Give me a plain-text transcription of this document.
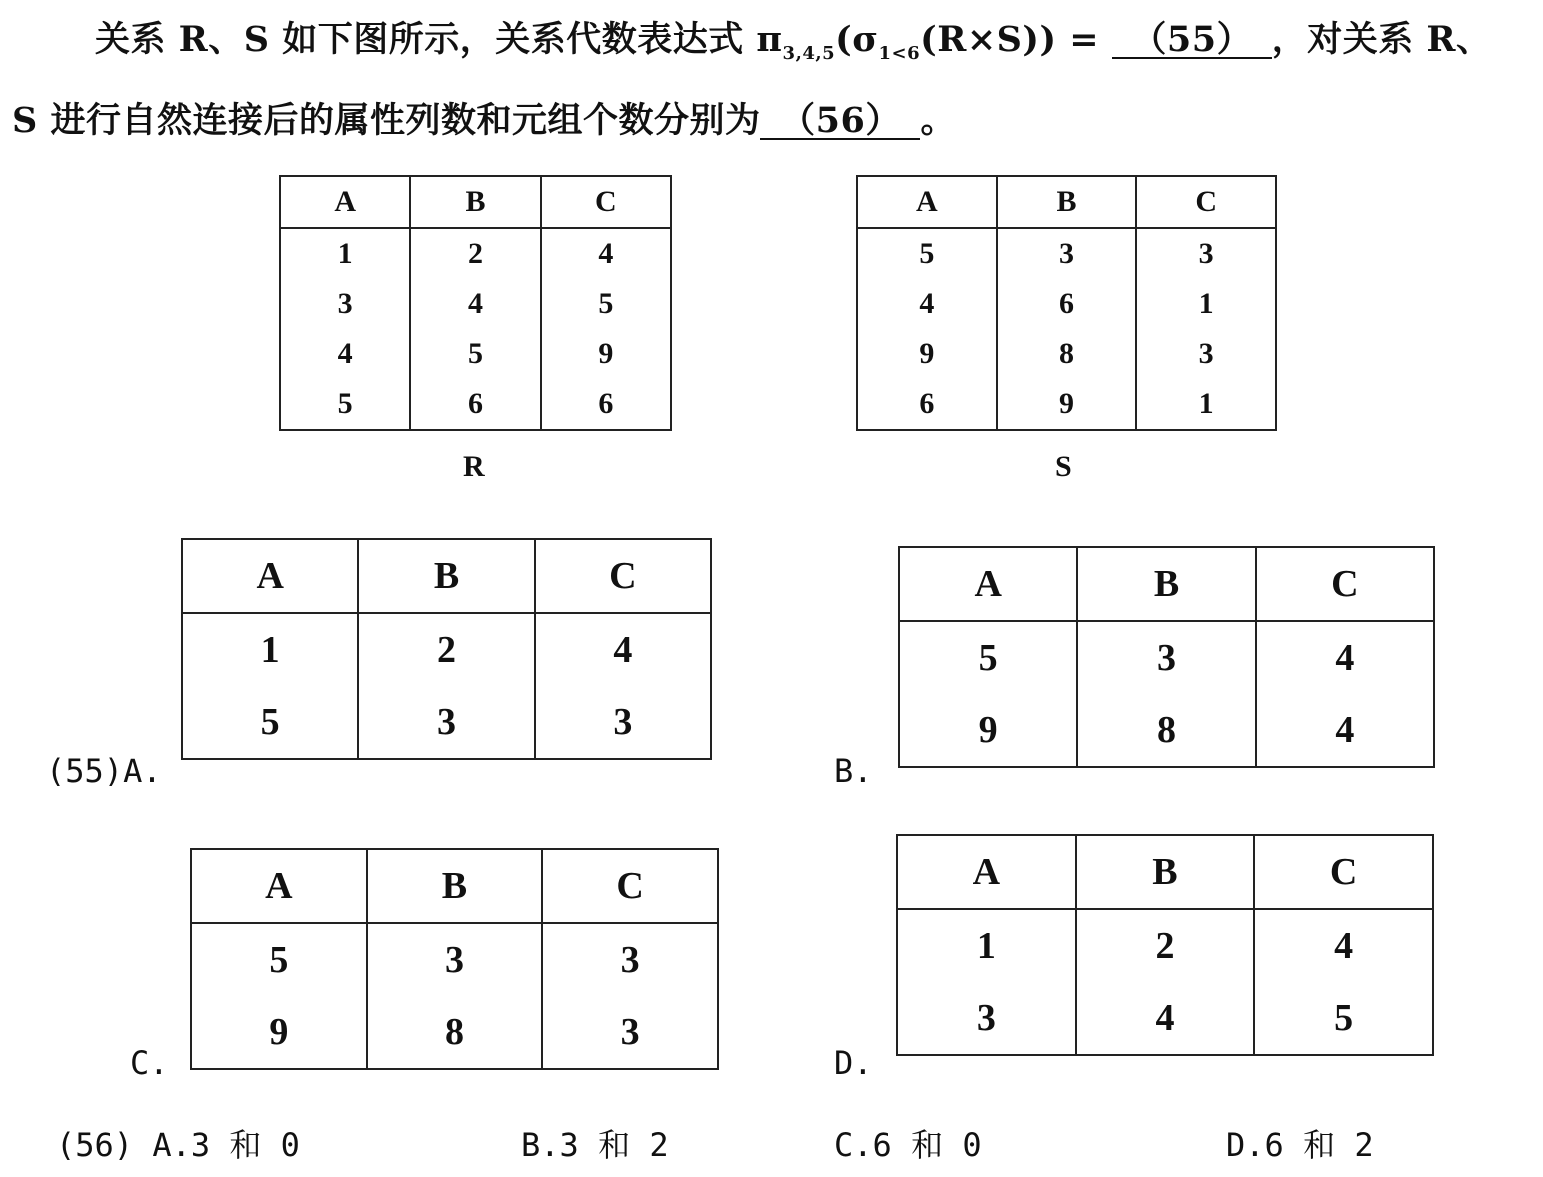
关系 R、S 如下图所示，关系代数表达式 $\pi_{3,4,5}(\sigma_{1<6}(R\times S)) = (55)$ ，对关系 R、
S 进行自然连接后的属性列数和元组个数分别为 （56） 。
A	B	C
1	2	4
3	4	5
4	5	9
5	6	6
R
A	B	C
5	3	3
4	6	1
9	8	3
6	9	1
S
A	B	C
1	2	4
5	3	3
(55)A.
A	B	C
5	3	4
9	8	4
B.
A	B	C
5	3	3
9	8	3
C.
A	B	C
1	2	4
3	4	5
D.
(56) A.3 和 0	B.3 和 2	C.6 和 0	D.6 和 2
